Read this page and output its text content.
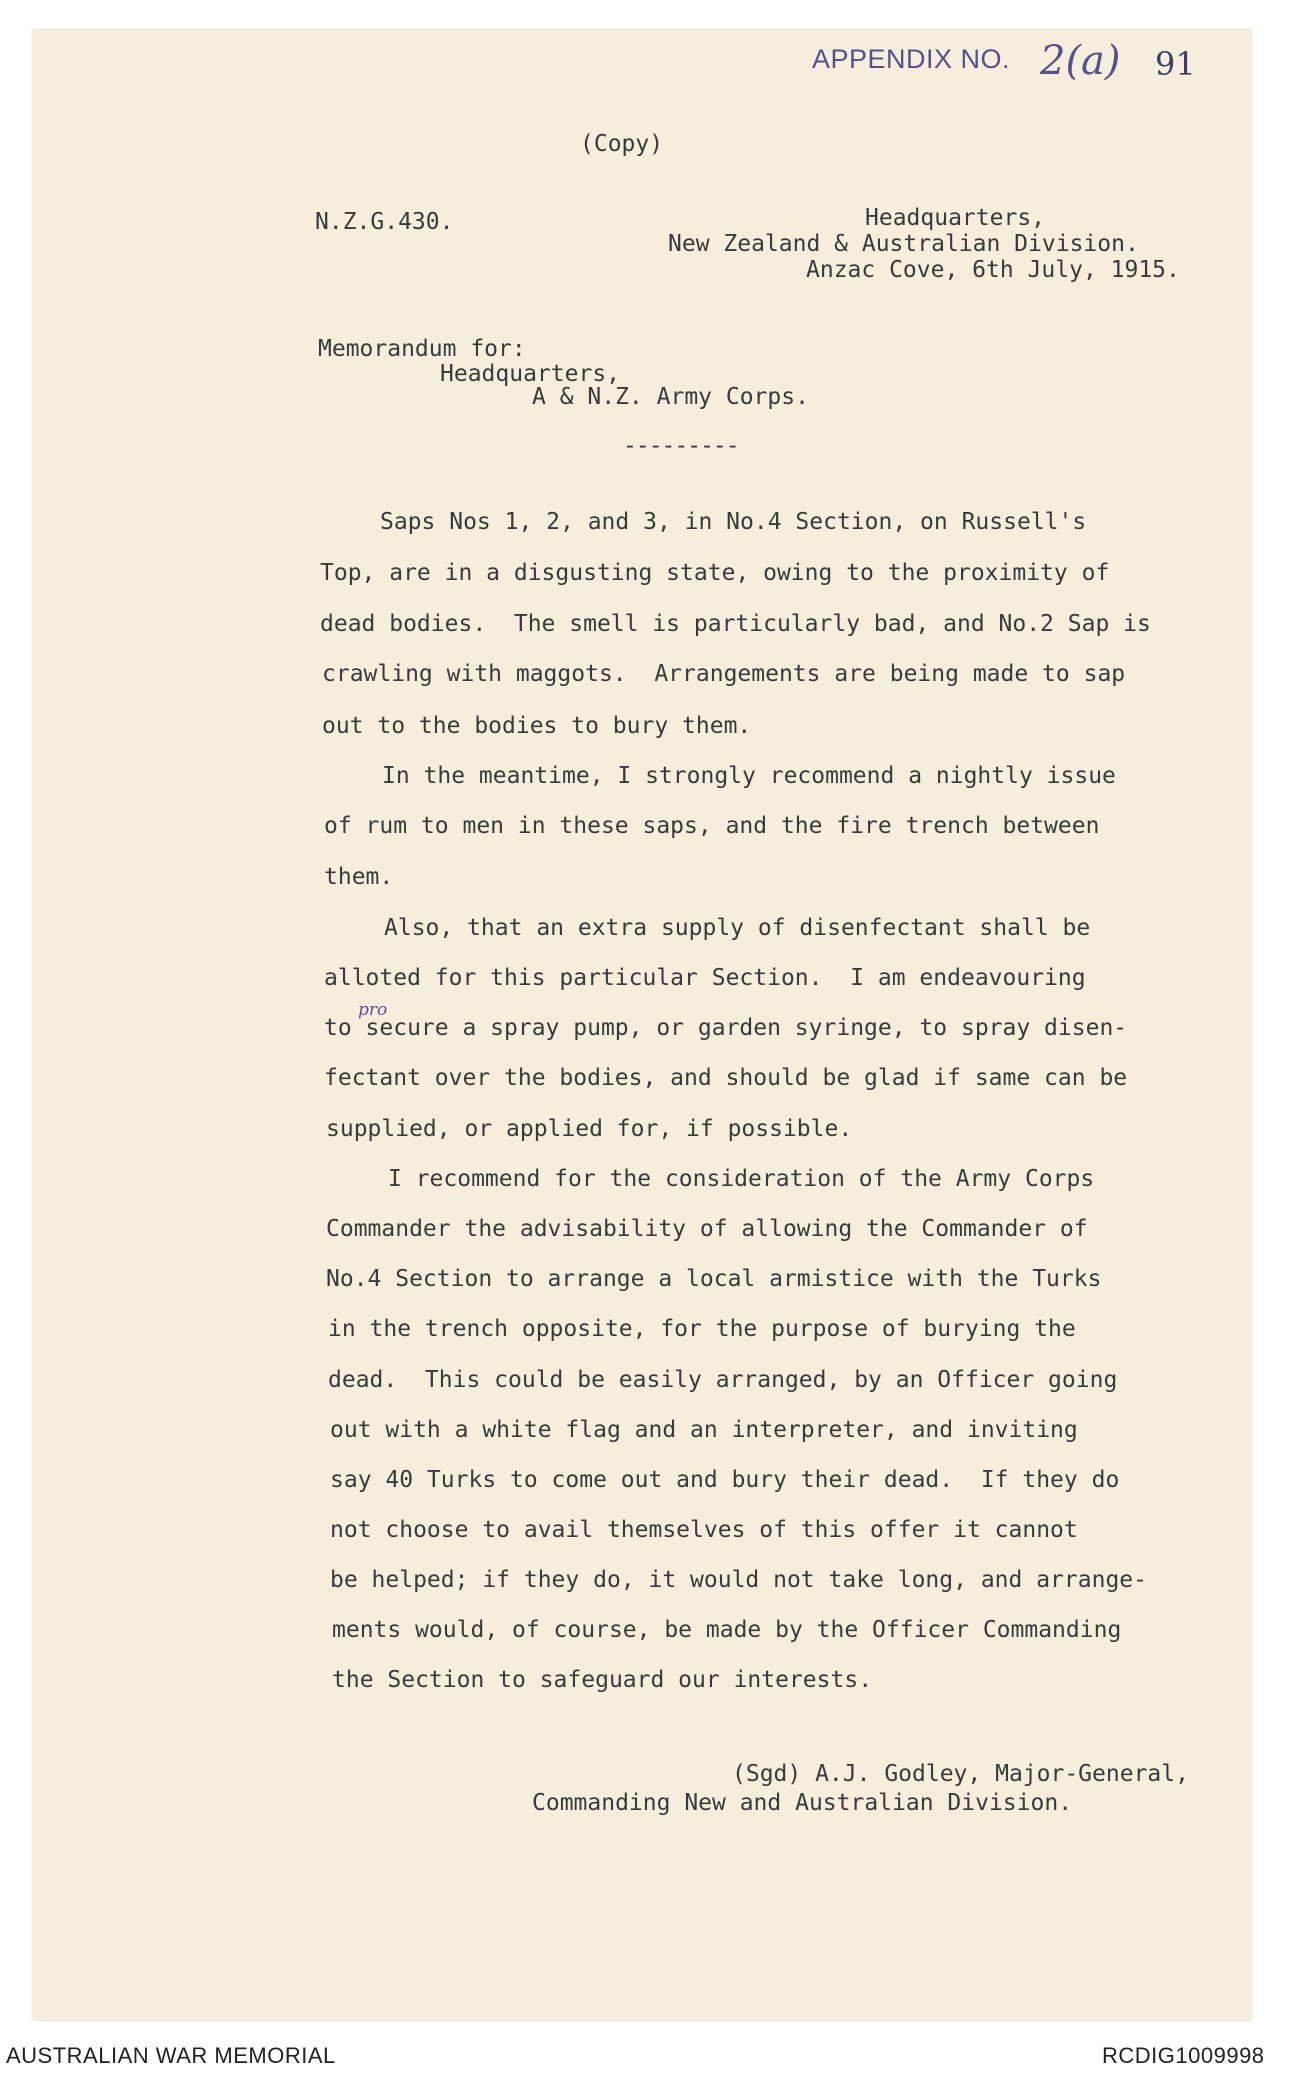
APPENDIX NO. 2(a) 91
(Copy)
N.Z.G.430.	Headquarters,
New Zealand & Australian Division.
Anzac Cove, 6th July, 1915.
Memorandum for:
Headquarters,
A & N.Z. Army Corps.
---------
Saps Nos 1, 2, and 3, in No.4 Section, on Russell's
Top, are in a disgusting state, owing to the proximity of
dead bodies.  The smell is particularly bad, and No.2 Sap is
crawling with maggots.  Arrangements are being made to sap
out to the bodies to bury them.
In the meantime, I strongly recommend a nightly issue
of rum to men in these saps, and the fire trench between
them.
Also, that an extra supply of disenfectant shall be
alloted for this particular Section.  I am endeavouring
pro
to secure a spray pump, or garden syringe, to spray disen-
fectant over the bodies, and should be glad if same can be
supplied, or applied for, if possible.
I recommend for the consideration of the Army Corps
Commander the advisability of allowing the Commander of
No.4 Section to arrange a local armistice with the Turks
in the trench opposite, for the purpose of burying the
dead.  This could be easily arranged, by an Officer going
out with a white flag and an interpreter, and inviting
say 40 Turks to come out and bury their dead.  If they do
not choose to avail themselves of this offer it cannot
be helped; if they do, it would not take long, and arrange-
ments would, of course, be made by the Officer Commanding
the Section to safeguard our interests.
(Sgd) A.J. Godley, Major-General,
Commanding New and Australian Division.
AUSTRALIAN WAR MEMORIAL	RCDIG1009998
